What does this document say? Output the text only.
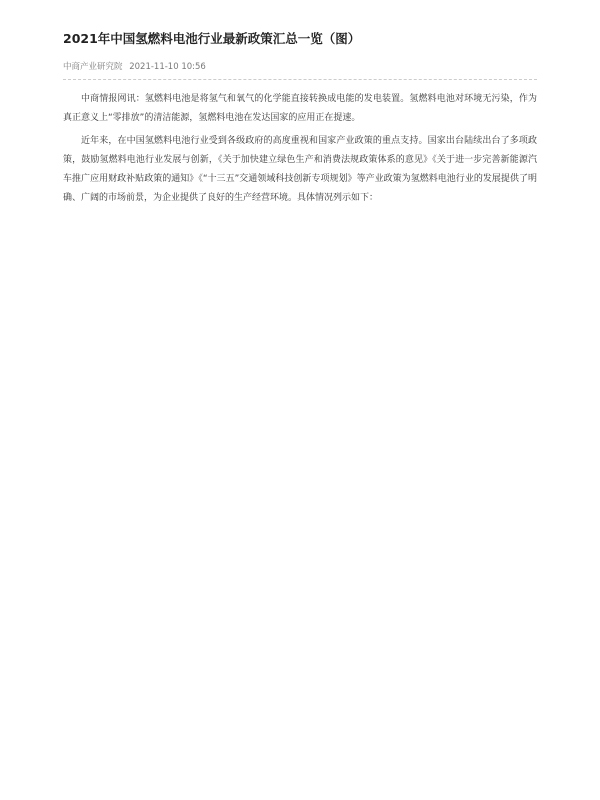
2021年中国氢燃料电池行业最新政策汇总一览（图）
中商产业研究院 2021-11-10 10:56

中商情报网讯：氢燃料电池是将氢气和氧气的化学能直接转换成电能的发电装置。氢燃料电池对环境无污染，作为真正意义上“零排放”的清洁能源，氢燃料电池在发达国家的应用正在提速。

近年来，在中国氢燃料电池行业受到各级政府的高度重视和国家产业政策的重点支持。国家出台陆续出台了多项政策，鼓励氢燃料电池行业发展与创新，《关于加快建立绿色生产和消费法规政策体系的意见》《关于进一步完善新能源汽车推广应用财政补贴政策的通知》《“十三五”交通领域科技创新专项规划》等产业政策为氢燃料电池行业的发展提供了明确、广阔的市场前景，为企业提供了良好的生产经营环境。具体情况列示如下：
